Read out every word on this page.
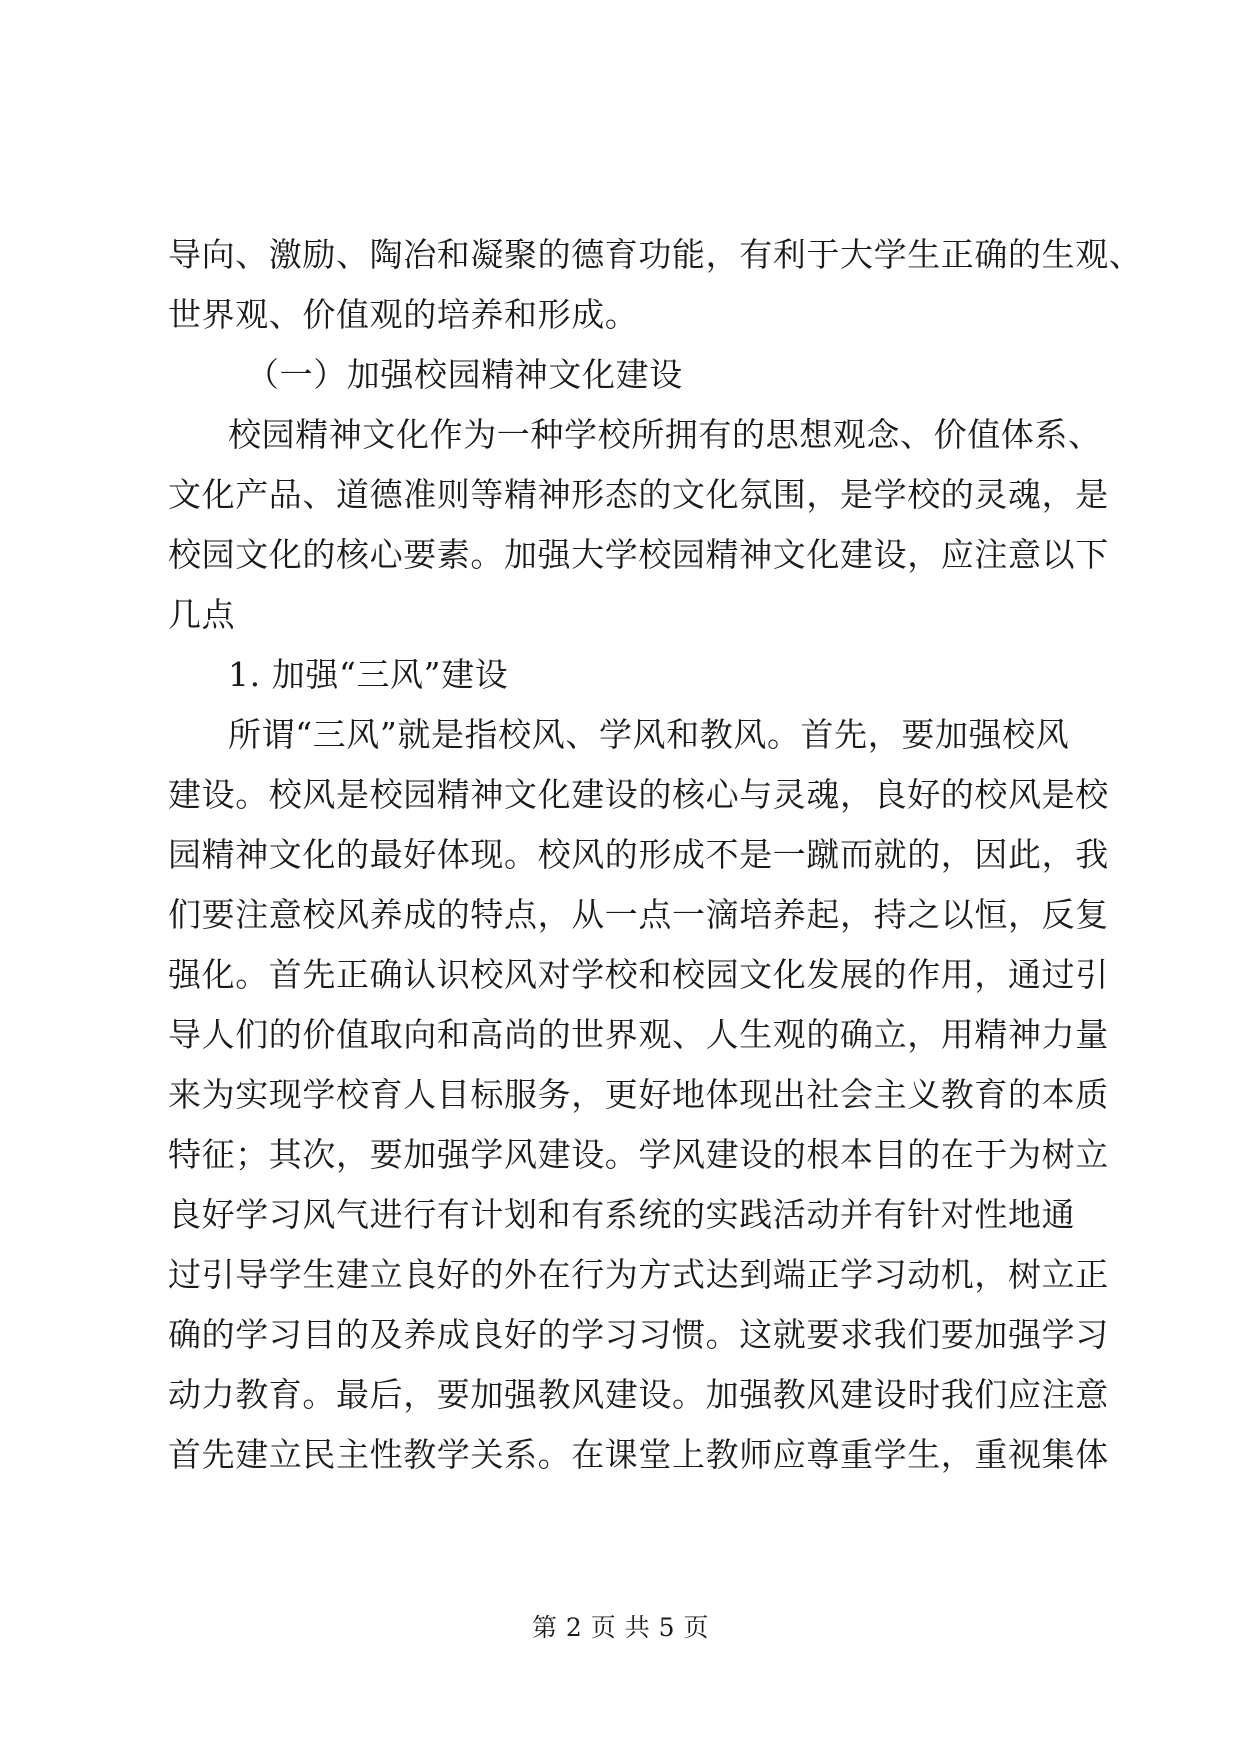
导向、激励、陶冶和凝聚的德育功能，有利于大学生正确的生观、
世界观、价值观的培养和形成。
（一）加强校园精神文化建设
校园精神文化作为一种学校所拥有的思想观念、价值体系、
文化产品、道德准则等精神形态的文化氛围，是学校的灵魂，是
校园文化的核心要素。加强大学校园精神文化建设，应注意以下
几点
1. 加强“三风”建设
所谓“三风”就是指校风、学风和教风。首先，要加强校风
建设。校风是校园精神文化建设的核心与灵魂，良好的校风是校
园精神文化的最好体现。校风的形成不是一蹴而就的，因此，我
们要注意校风养成的特点，从一点一滴培养起，持之以恒，反复
强化。首先正确认识校风对学校和校园文化发展的作用，通过引
导人们的价值取向和高尚的世界观、人生观的确立，用精神力量
来为实现学校育人目标服务，更好地体现出社会主义教育的本质
特征；其次，要加强学风建设。学风建设的根本目的在于为树立
良好学习风气进行有计划和有系统的实践活动并有针对性地通
过引导学生建立良好的外在行为方式达到端正学习动机，树立正
确的学习目的及养成良好的学习习惯。这就要求我们要加强学习
动力教育。最后，要加强教风建设。加强教风建设时我们应注意
首先建立民主性教学关系。在课堂上教师应尊重学生，重视集体
第 2 页 共 5 页
